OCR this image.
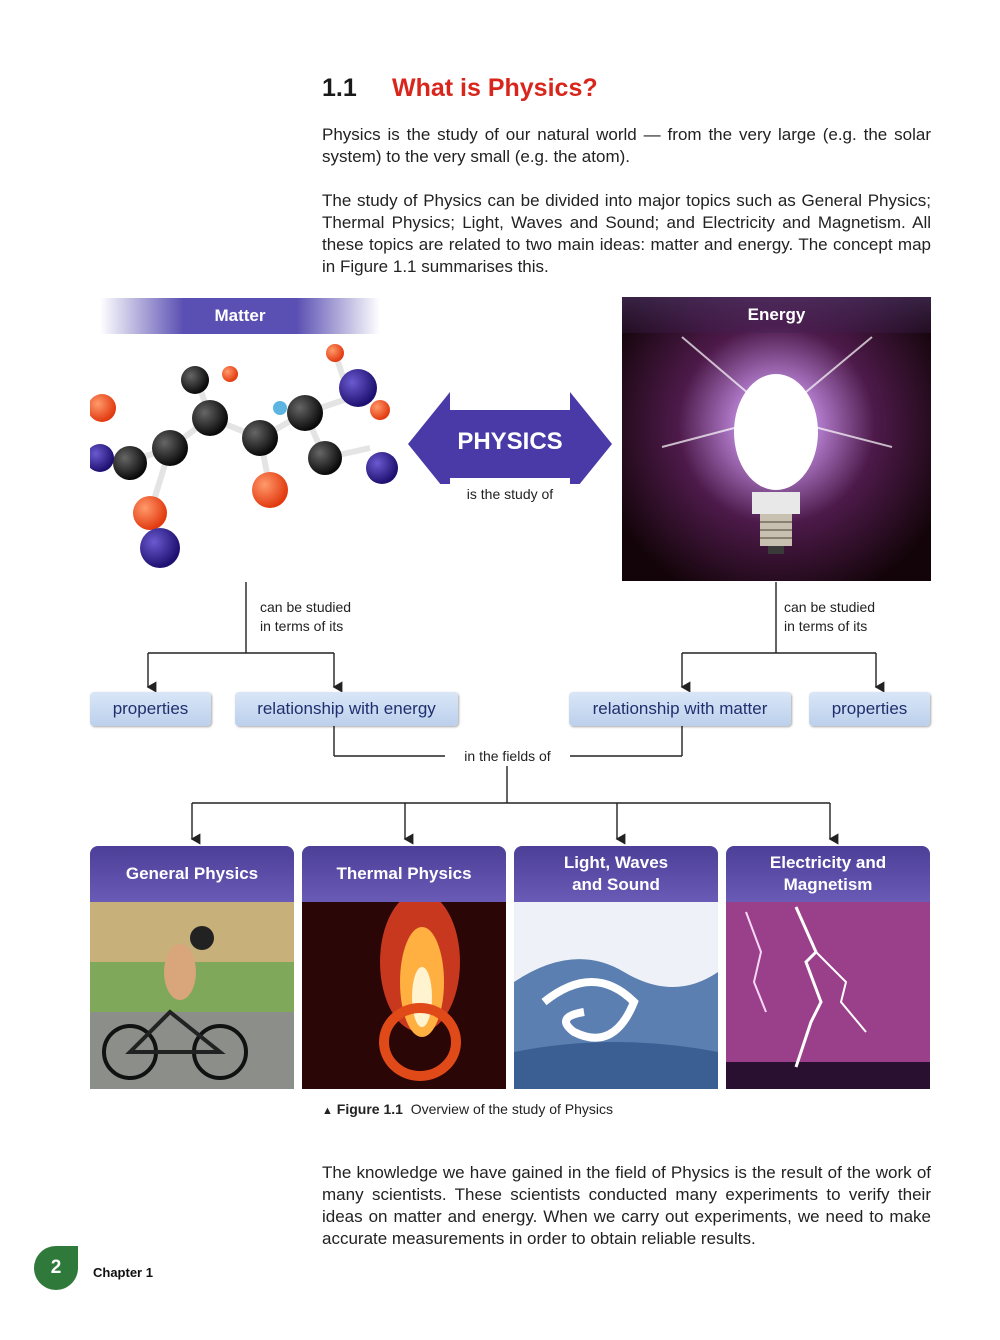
1.1 What is Physics?

Physics is the study of our natural world — from the very large (e.g. the solar system) to the very small (e.g. the atom).

The study of Physics can be divided into major topics such as General Physics; Thermal Physics; Light, Waves and Sound; and Electricity and Magnetism. All these topics are related to two main ideas: matter and energy. The concept map in Figure 1.1 summarises this.

Matter	Energy
PHYSICS
is the study of
can be studied
in terms of its
can be studied
in terms of its
properties	relationship with energy	relationship with matter	properties
in the fields of
General Physics	Thermal Physics
Light, Waves
and Sound
Electricity and
Magnetism
▲ Figure 1.1 Overview of the study of Physics

The knowledge we have gained in the field of Physics is the result of the work of many scientists. These scientists conducted many experiments to verify their ideas on matter and energy. When we carry out experiments, we need to make accurate measurements in order to obtain reliable results.

2	Chapter 1
